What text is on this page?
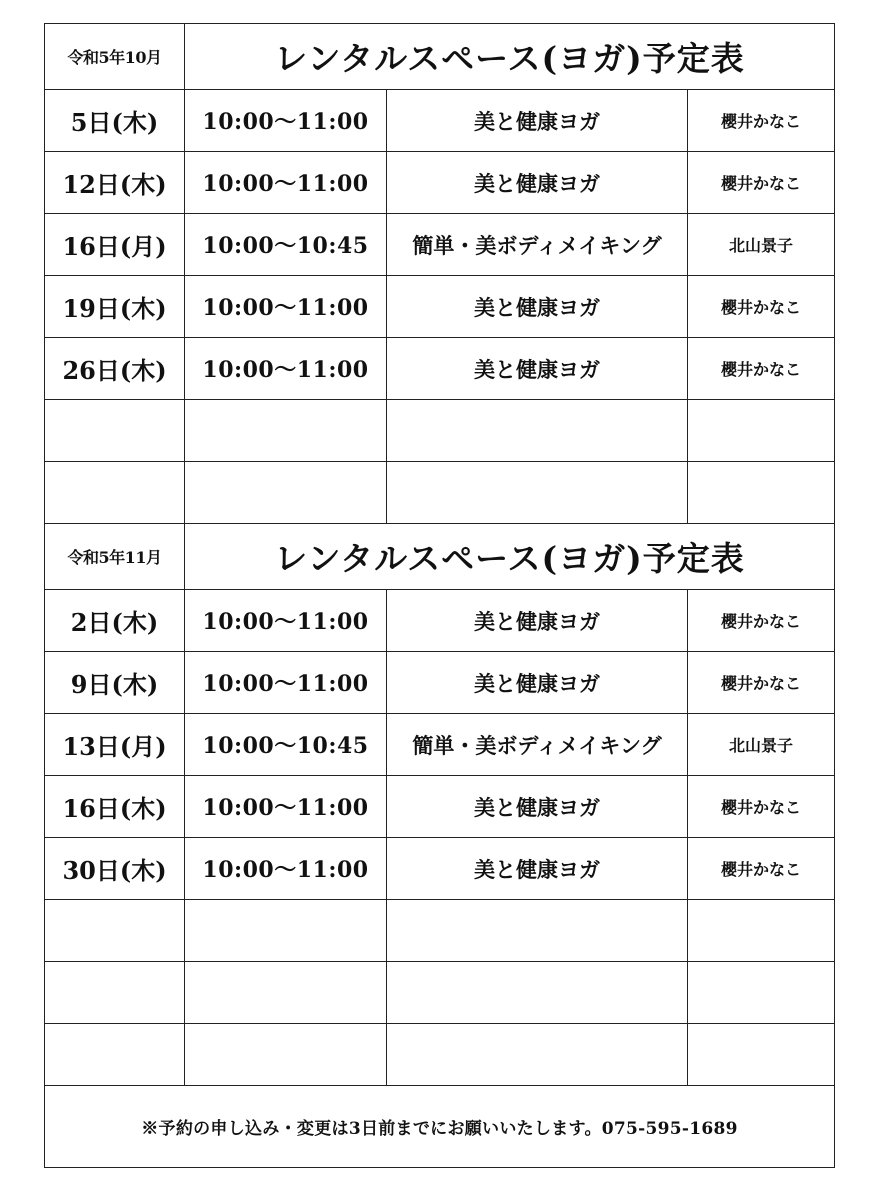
令和5年10月	レンタルスペース(ヨガ)予定表		
5日(木)	10:00～11:00	美と健康ヨガ	櫻井かなこ
12日(木)	10:00～11:00	美と健康ヨガ	櫻井かなこ
16日(月)	10:00～10:45	簡単・美ボディメイキング	北山景子
19日(木)	10:00～11:00	美と健康ヨガ	櫻井かなこ
26日(木)	10:00～11:00	美と健康ヨガ	櫻井かなこ

令和5年11月	レンタルスペース(ヨガ)予定表		
2日(木)	10:00～11:00	美と健康ヨガ	櫻井かなこ
9日(木)	10:00～11:00	美と健康ヨガ	櫻井かなこ
13日(月)	10:00～10:45	簡単・美ボディメイキング	北山景子
16日(木)	10:00～11:00	美と健康ヨガ	櫻井かなこ
30日(木)	10:00～11:00	美と健康ヨガ	櫻井かなこ

※予約の申し込み・変更は3日前までにお願いいたします。075-595-1689			
